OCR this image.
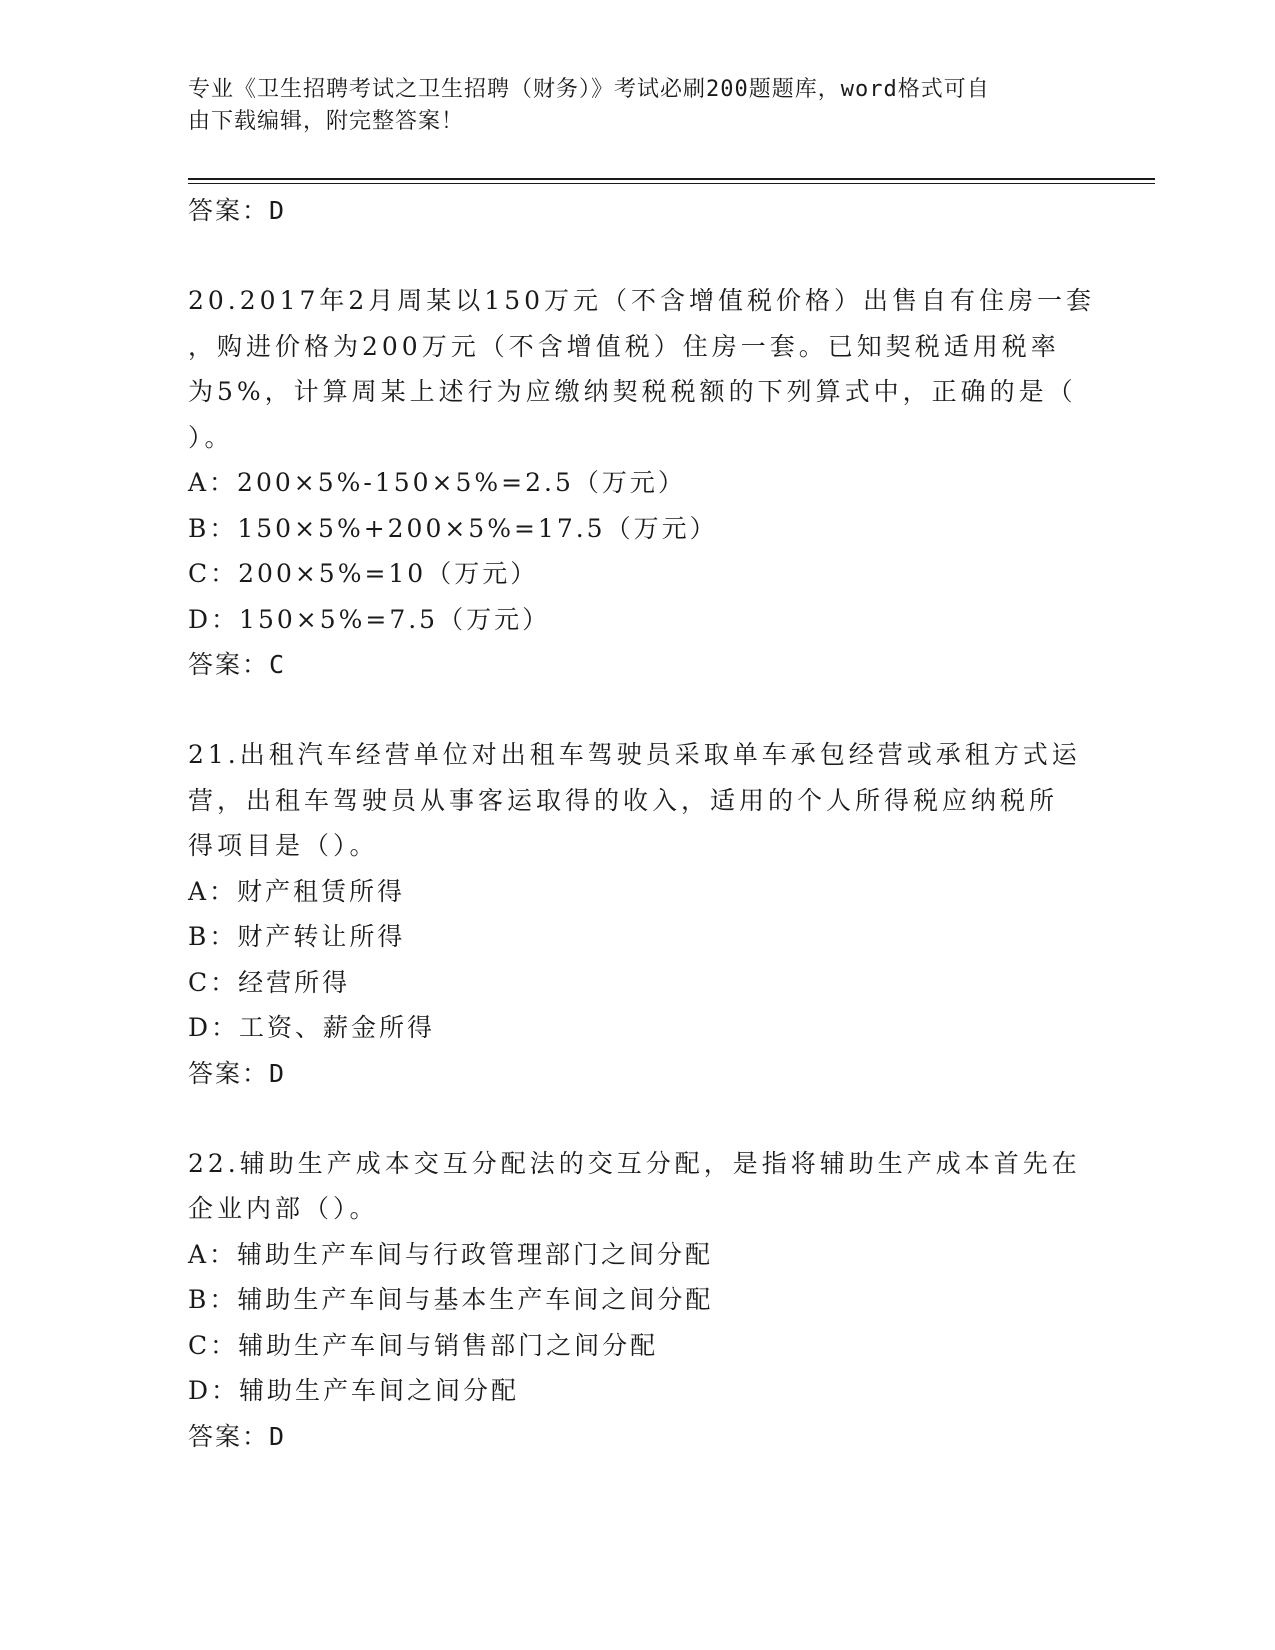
专业《卫生招聘考试之卫生招聘（财务）》考试必刷200题题库，word格式可自
由下载编辑，附完整答案！
答案：D
20.2017年2月周某以150万元（不含增值税价格）出售自有住房一套
，购进价格为200万元（不含增值税）住房一套。已知契税适用税率
为5%，计算周某上述行为应缴纳契税税额的下列算式中，正确的是（
）。
A：200×5%-150×5%=2.5（万元）
B：150×5%+200×5%=17.5（万元）
C：200×5%=10（万元）
D：150×5%=7.5（万元）
答案：C
21.出租汽车经营单位对出租车驾驶员采取单车承包经营或承租方式运
营，出租车驾驶员从事客运取得的收入，适用的个人所得税应纳税所
得项目是（）。
A：财产租赁所得
B：财产转让所得
C：经营所得
D：工资、薪金所得
答案：D
22.辅助生产成本交互分配法的交互分配，是指将辅助生产成本首先在
企业内部（）。
A：辅助生产车间与行政管理部门之间分配
B：辅助生产车间与基本生产车间之间分配
C：辅助生产车间与销售部门之间分配
D：辅助生产车间之间分配
答案：D
